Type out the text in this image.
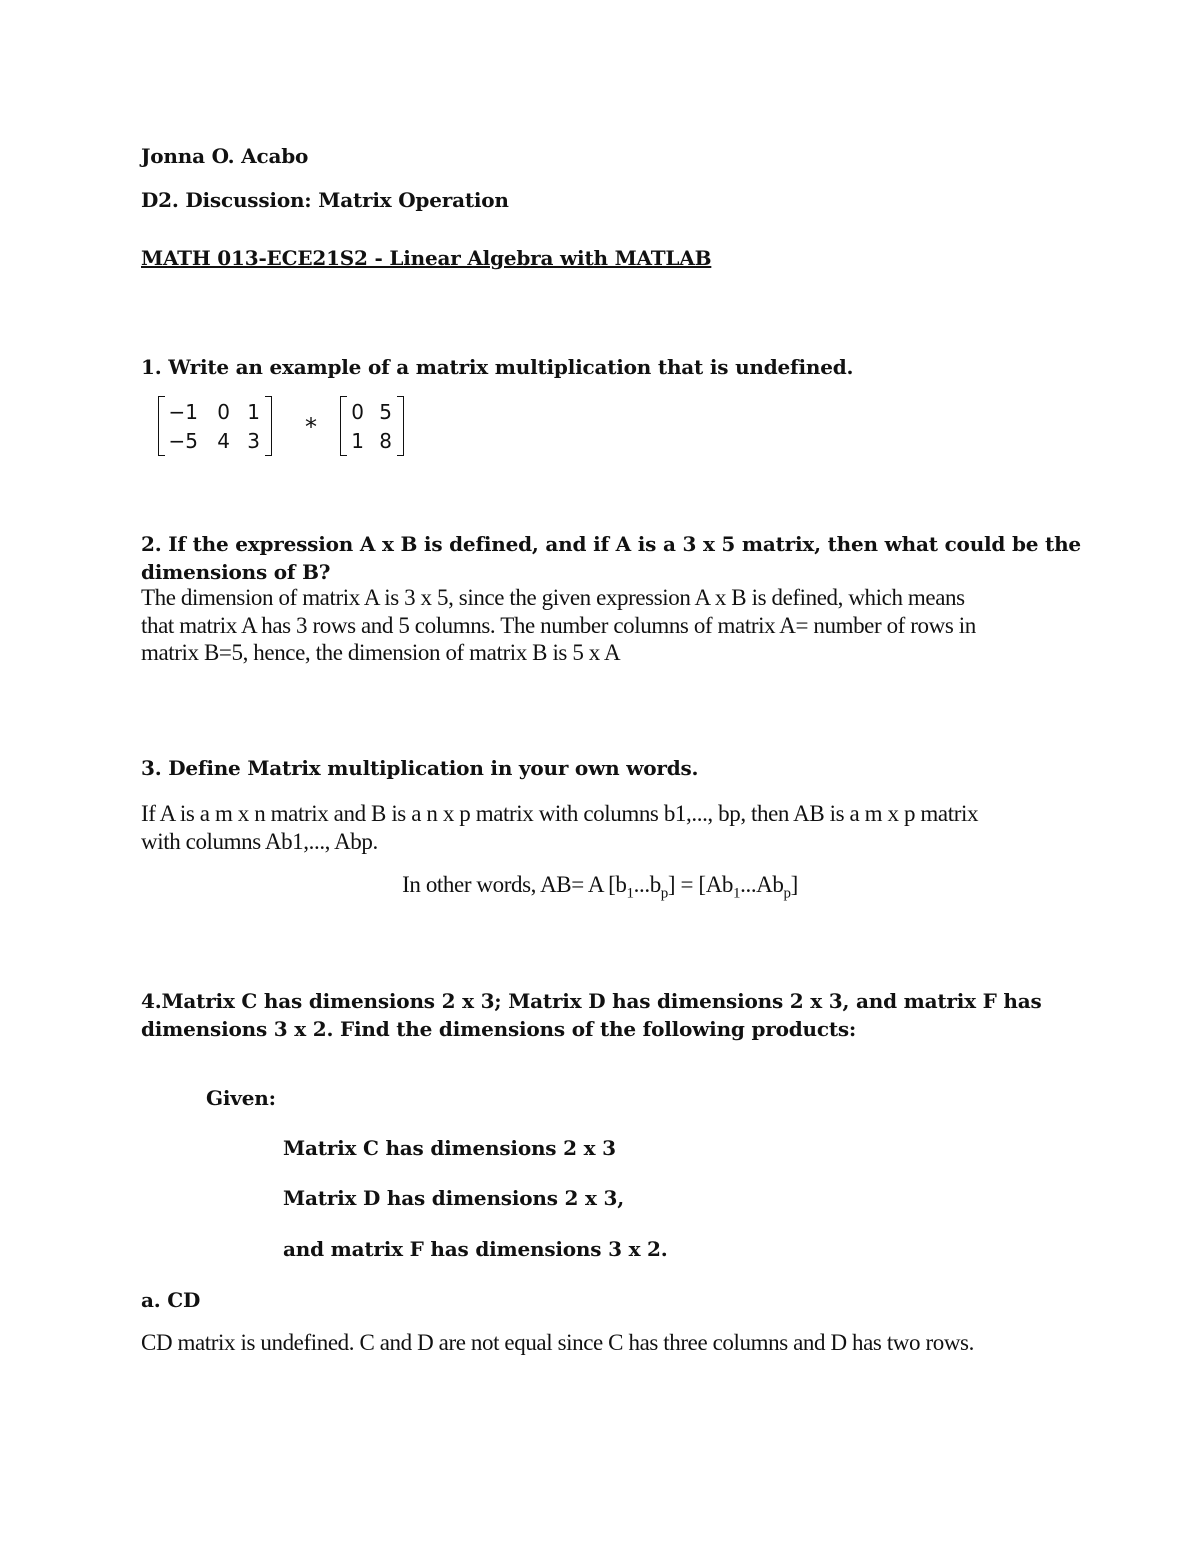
Jonna O. Acabo
D2. Discussion: Matrix Operation
MATH 013-ECE21S2 - Linear Algebra with MATLAB
1. Write an example of a matrix multiplication that is undefined.
−1 0 1
−5 4 3 *
0 5
1 8
2. If the expression A x B is defined, and if A is a 3 x 5 matrix, then what could be the
dimensions of B?
The dimension of matrix A is 3 x 5, since the given expression A x B is defined, which means
that matrix A has 3 rows and 5 columns. The number columns of matrix A= number of rows in
matrix B=5, hence, the dimension of matrix B is 5 x A
3. Define Matrix multiplication in your own words.
If A is a m x n matrix and B is a n x p matrix with columns b1,..., bp, then AB is a m x p matrix
with columns Ab1,..., Abp.
In other words, AB= A $[b_1...b_p] = [Ab_1...Ab_p]$
4.Matrix C has dimensions 2 x 3; Matrix D has dimensions 2 x 3, and matrix F has
dimensions 3 x 2. Find the dimensions of the following products:
Given:
Matrix C has dimensions 2 x 3
Matrix D has dimensions 2 x 3,
and matrix F has dimensions 3 x 2.
a. CD
CD matrix is undefined. C and D are not equal since C has three columns and D has two rows.
